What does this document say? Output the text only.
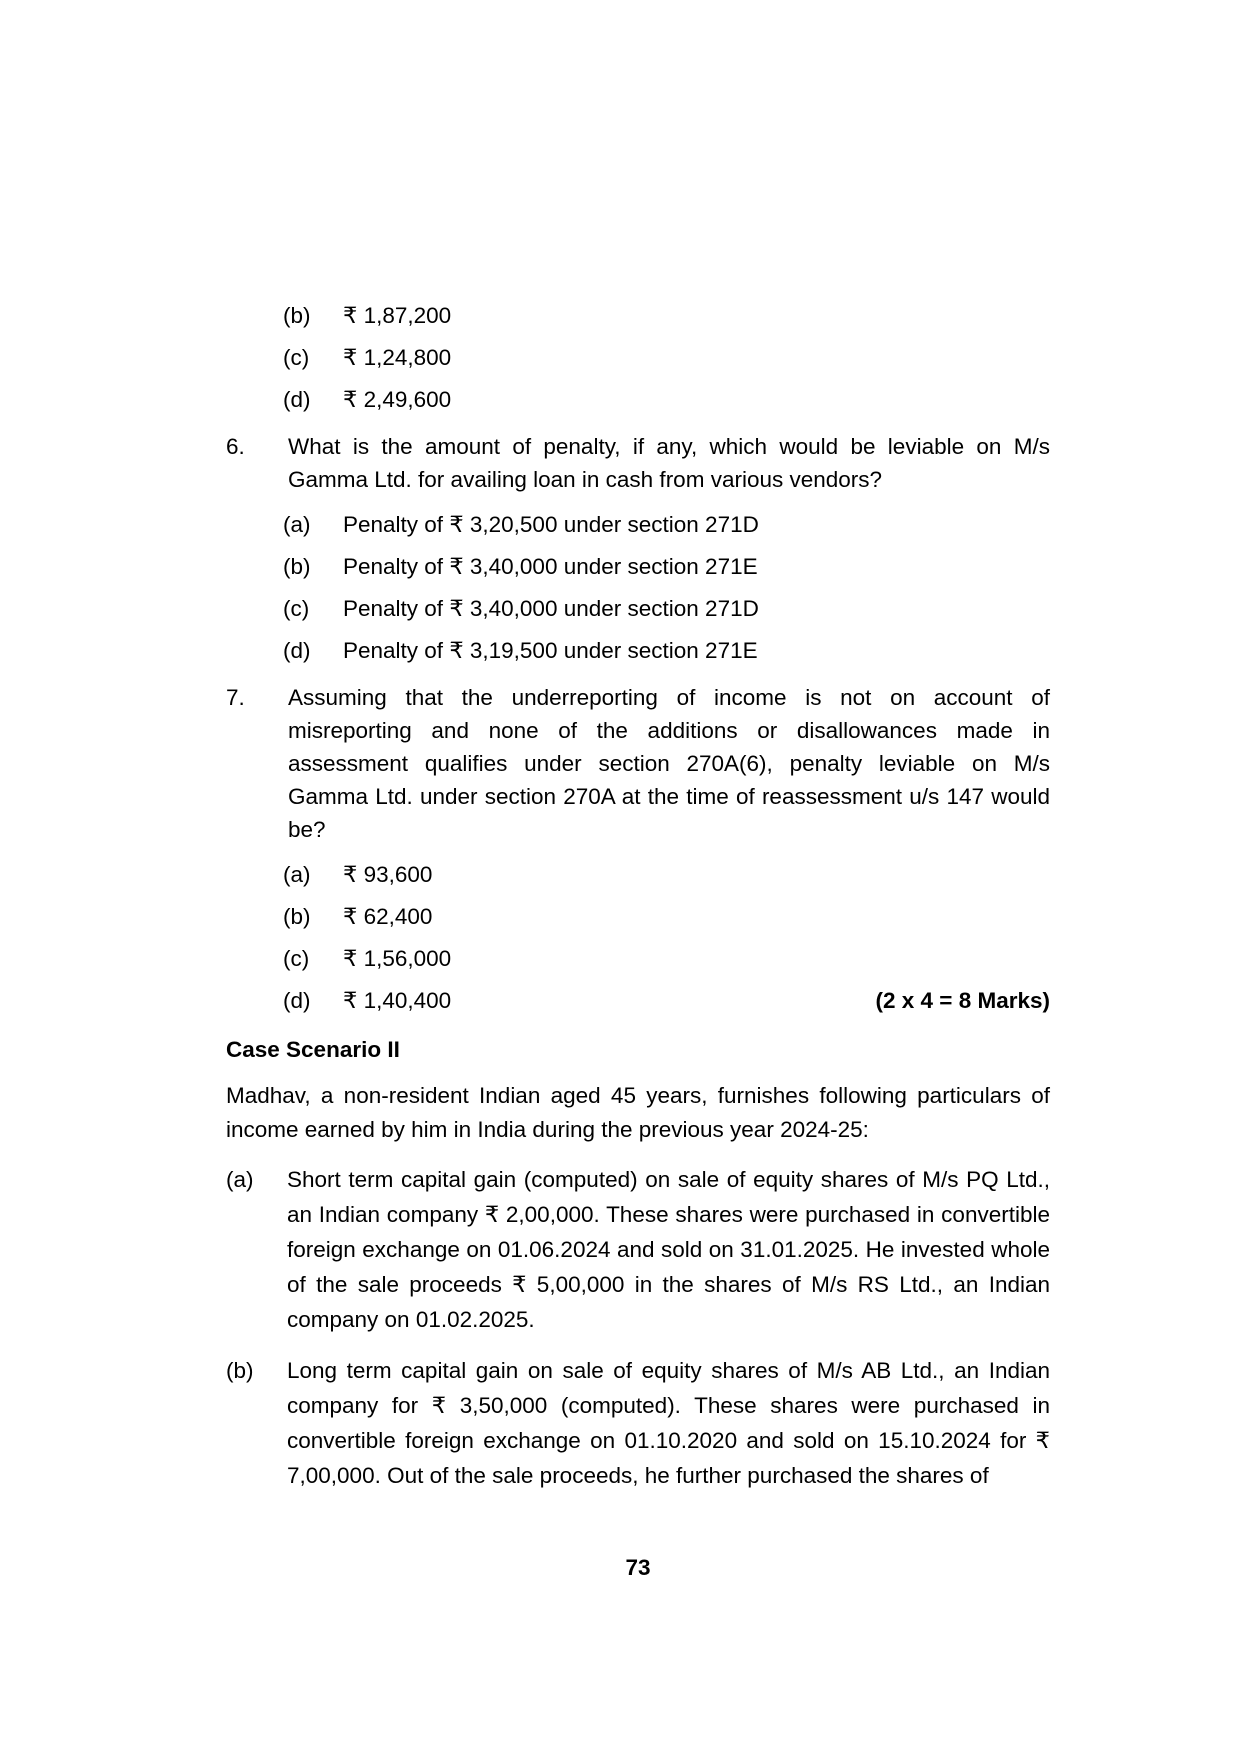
(b)	₹ 1,87,200
(c)	₹ 1,24,800
(d)	₹ 2,49,600
6.	What is the amount of penalty, if any, which would be leviable on M/s Gamma Ltd. for availing loan in cash from various vendors?
(a)	Penalty of ₹ 3,20,500 under section 271D
(b)	Penalty of ₹ 3,40,000 under section 271E
(c)	Penalty of ₹ 3,40,000 under section 271D
(d)	Penalty of ₹ 3,19,500 under section 271E
7.	Assuming that the underreporting of income is not on account of misreporting and none of the additions or disallowances made in assessment qualifies under section 270A(6), penalty leviable on M/s Gamma Ltd. under section 270A at the time of reassessment u/s 147 would be?
(a)	₹ 93,600
(b)	₹ 62,400
(c)	₹ 1,56,000
(d)	₹ 1,40,400	(2 x 4 = 8 Marks)
Case Scenario II

Madhav, a non-resident Indian aged 45 years, furnishes following particulars of income earned by him in India during the previous year 2024-25:

(a)	Short term capital gain (computed) on sale of equity shares of M/s PQ Ltd., an Indian company ₹ 2,00,000. These shares were purchased in convertible foreign exchange on 01.06.2024 and sold on 31.01.2025. He invested whole of the sale proceeds ₹ 5,00,000 in the shares of M/s RS Ltd., an Indian company on 01.02.2025.
(b)	Long term capital gain on sale of equity shares of M/s AB Ltd., an Indian company for ₹ 3,50,000 (computed). These shares were purchased in convertible foreign exchange on 01.10.2020 and sold on 15.10.2024 for ₹ 7,00,000. Out of the sale proceeds, he further purchased the shares of
73
